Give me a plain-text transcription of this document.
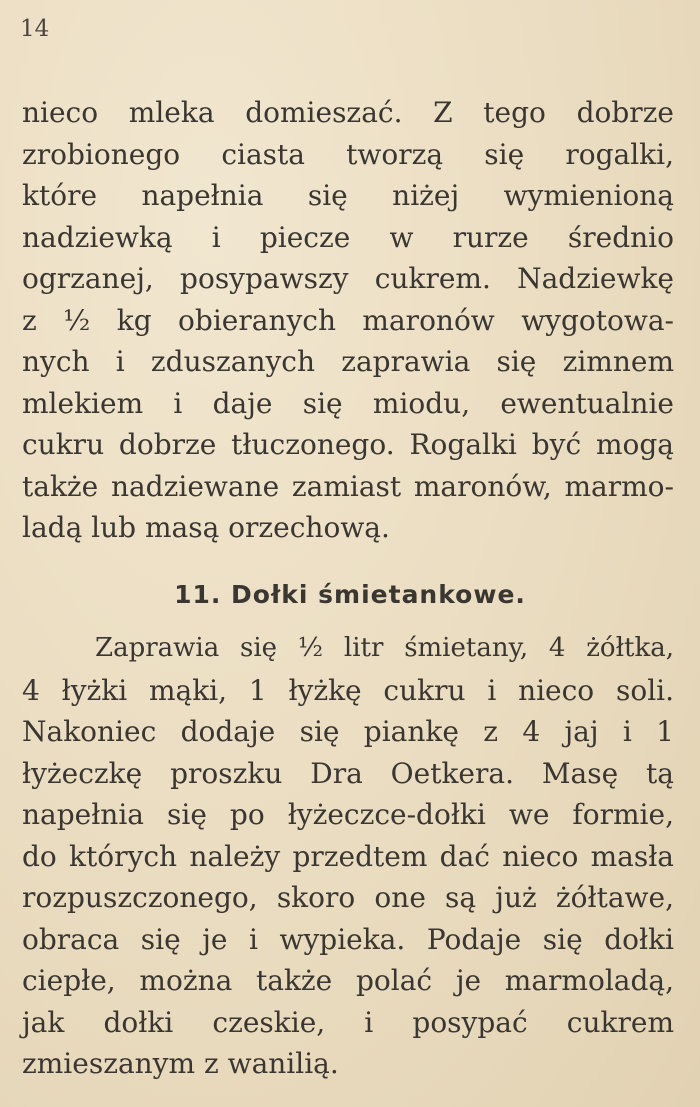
14
nieco mleka domieszać. Z tego dobrze
zrobionego ciasta tworzą się rogalki,
które napełnia się niżej wymienioną
nadziewką i piecze w rurze średnio
ogrzanej, posypawszy cukrem. Nadziewkę
z ½ kg obieranych maronów wygotowa-
nych i zduszanych zaprawia się zimnem
mlekiem i daje się miodu, ewentualnie
cukru dobrze tłuczonego. Rogalki być mogą
także nadziewane zamiast maronów, marmo-
ladą lub masą orzechową.
11. Dołki śmietankowe.
Zaprawia się ½ litr śmietany, 4 żółtka,
4 łyżki mąki, 1 łyżkę cukru i nieco soli.
Nakoniec dodaje się piankę z 4 jaj i 1
łyżeczkę proszku Dra Oetkera. Masę tą
napełnia się po łyżeczce-dołki we formie,
do których należy przedtem dać nieco masła
rozpuszczonego, skoro one są już żółtawe,
obraca się je i wypieka. Podaje się dołki
ciepłe, można także polać je marmoladą,
jak dołki czeskie, i posypać cukrem
zmieszanym z wanilią.
